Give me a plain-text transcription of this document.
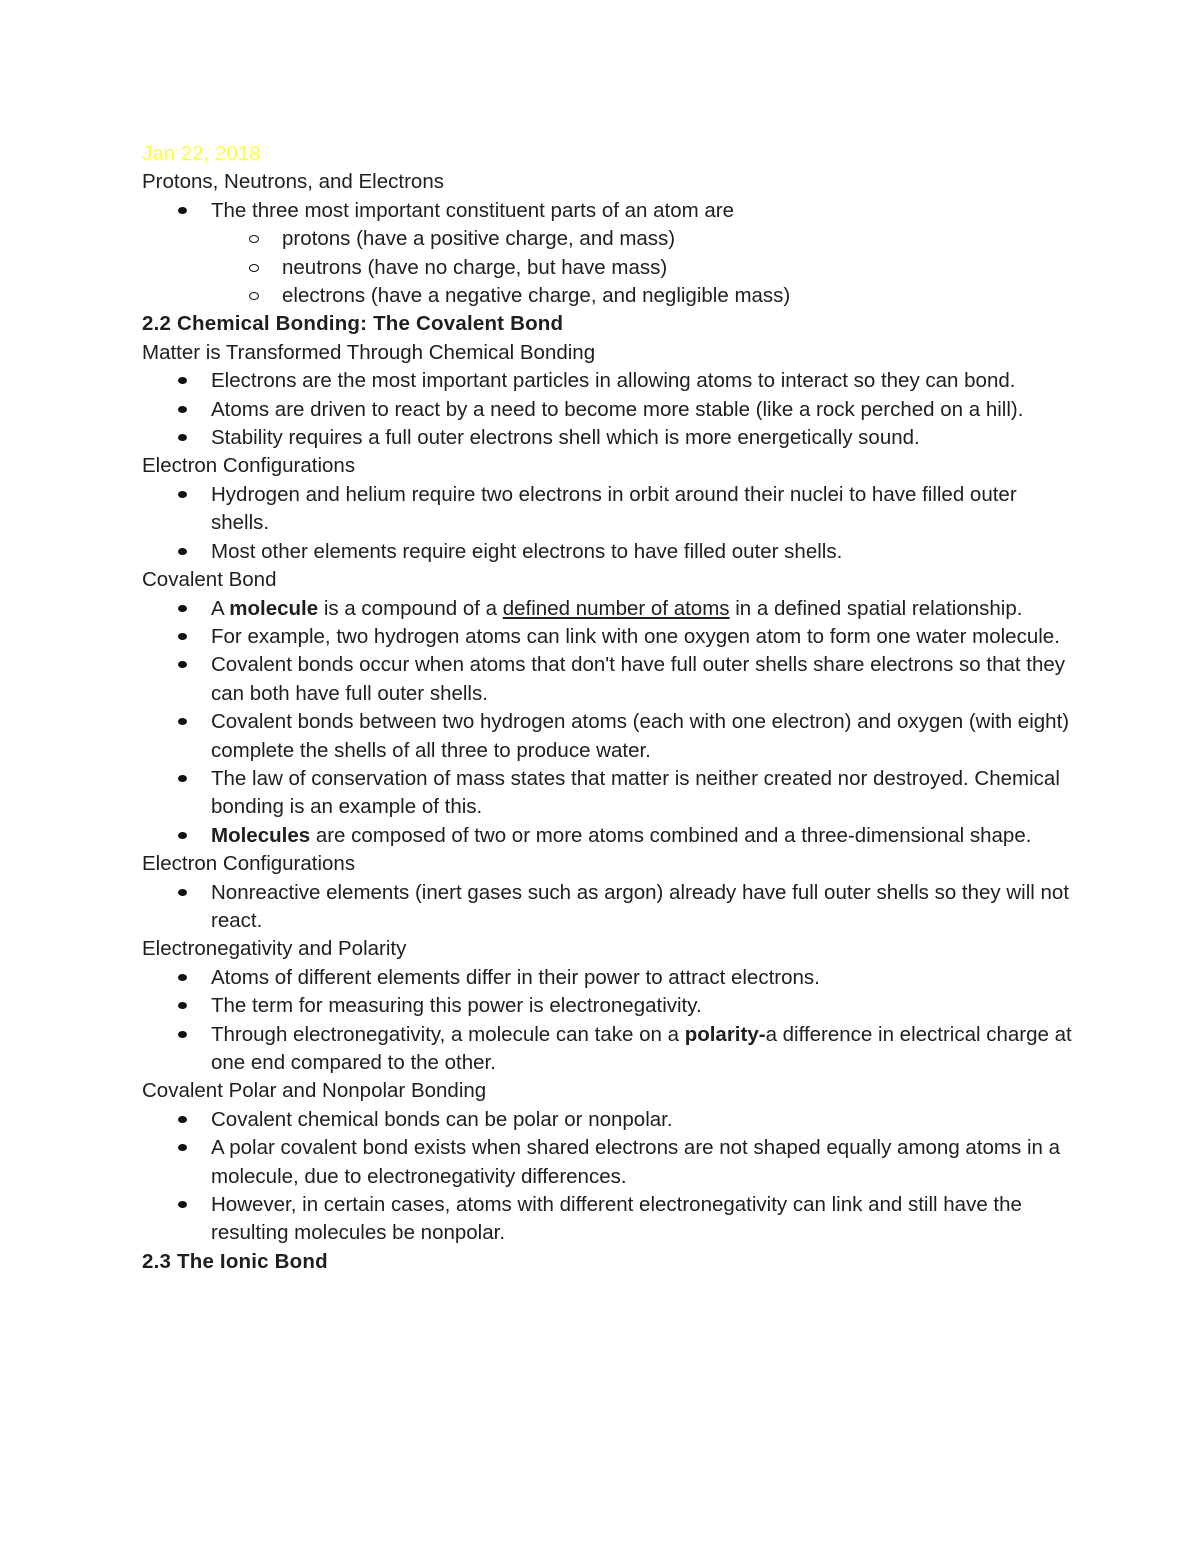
Jan 22, 2018

Protons, Neutrons, and Electrons

The three most important constituent parts of an atom are
protons (have a positive charge, and mass)
neutrons (have no charge, but have mass)
electrons (have a negative charge, and negligible mass)

2.2 Chemical Bonding: The Covalent Bond

Matter is Transformed Through Chemical Bonding

Electrons are the most important particles in allowing atoms to interact so they can bond.
Atoms are driven to react by a need to become more stable (like a rock perched on a hill).
Stability requires a full outer electrons shell which is more energetically sound.

Electron Configurations

Hydrogen and helium require two electrons in orbit around their nuclei to have filled outer shells.
Most other elements require eight electrons to have filled outer shells.

Covalent Bond

A molecule is a compound of a defined number of atoms in a defined spatial relationship.
For example, two hydrogen atoms can link with one oxygen atom to form one water molecule.
Covalent bonds occur when atoms that don't have full outer shells share electrons so that they can both have full outer shells.
Covalent bonds between two hydrogen atoms (each with one electron) and oxygen (with eight) complete the shells of all three to produce water.
The law of conservation of mass states that matter is neither created nor destroyed. Chemical bonding is an example of this.
Molecules are composed of two or more atoms combined and a three-dimensional shape.

Electron Configurations

Nonreactive elements (inert gases such as argon) already have full outer shells so they will not react.

Electronegativity and Polarity

Atoms of different elements differ in their power to attract electrons.
The term for measuring this power is electronegativity.
Through electronegativity, a molecule can take on a polarity-a difference in electrical charge at one end compared to the other.

Covalent Polar and Nonpolar Bonding

Covalent chemical bonds can be polar or nonpolar.
A polar covalent bond exists when shared electrons are not shaped equally among atoms in a molecule, due to electronegativity differences.
However, in certain cases, atoms with different electronegativity can link and still have the resulting molecules be nonpolar.

2.3 The Ionic Bond
